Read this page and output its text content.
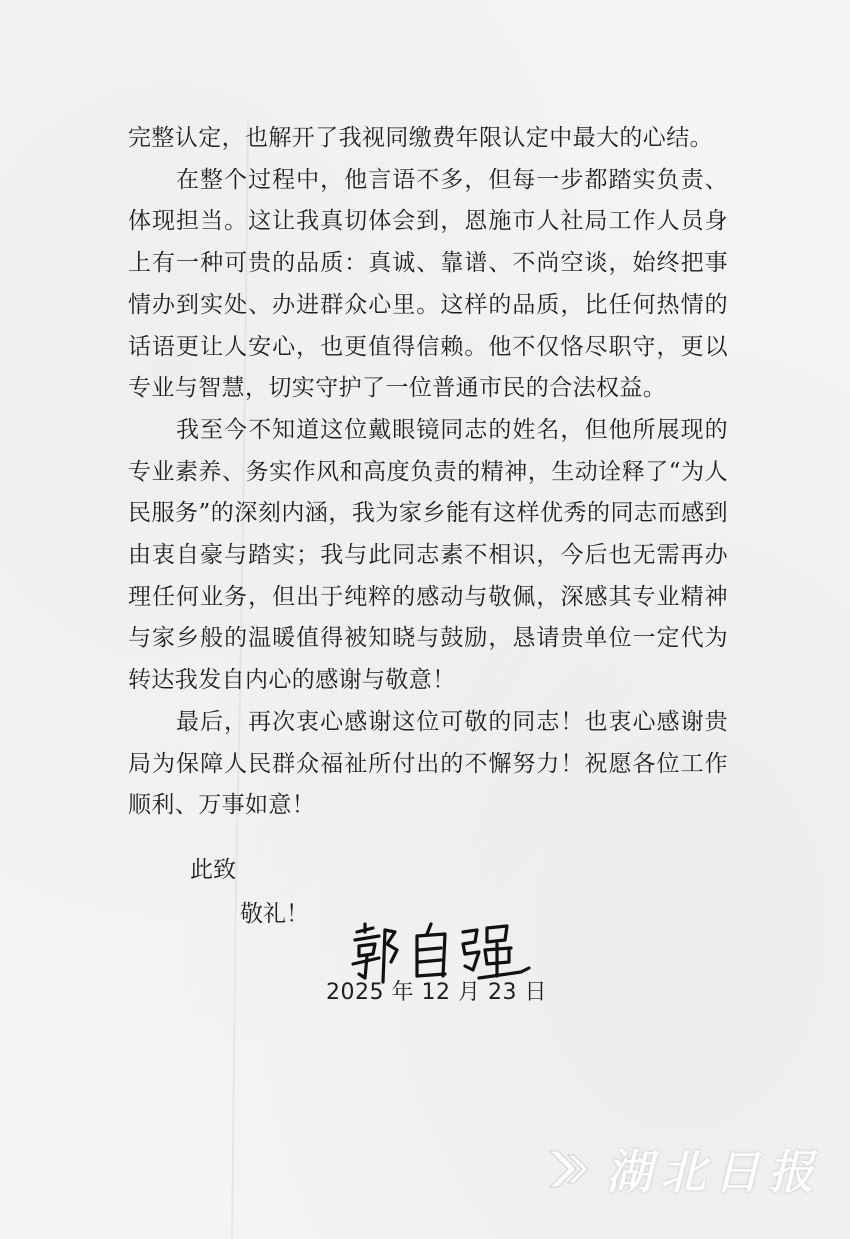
完整认定，也解开了我视同缴费年限认定中最大的心结。

在整个过程中，他言语不多，但每一步都踏实负责、体现担当。这让我真切体会到，恩施市人社局工作人员身上有一种可贵的品质：真诚、靠谱、不尚空谈，始终把事情办到实处、办进群众心里。这样的品质，比任何热情的话语更让人安心，也更值得信赖。他不仅恪尽职守，更以专业与智慧，切实守护了一位普通市民的合法权益。

我至今不知道这位戴眼镜同志的姓名，但他所展现的专业素养、务实作风和高度负责的精神，生动诠释了“为人民服务”的深刻内涵，我为家乡能有这样优秀的同志而感到由衷自豪与踏实；我与此同志素不相识，今后也无需再办理任何业务，但出于纯粹的感动与敬佩，深感其专业精神与家乡般的温暖值得被知晓与鼓励，恳请贵单位一定代为转达我发自内心的感谢与敬意！

最后，再次衷心感谢这位可敬的同志！也衷心感谢贵局为保障人民群众福祉所付出的不懈努力！祝愿各位工作顺利、万事如意！

此致

敬礼！

2025 年 12 月 23 日

湖北日报
